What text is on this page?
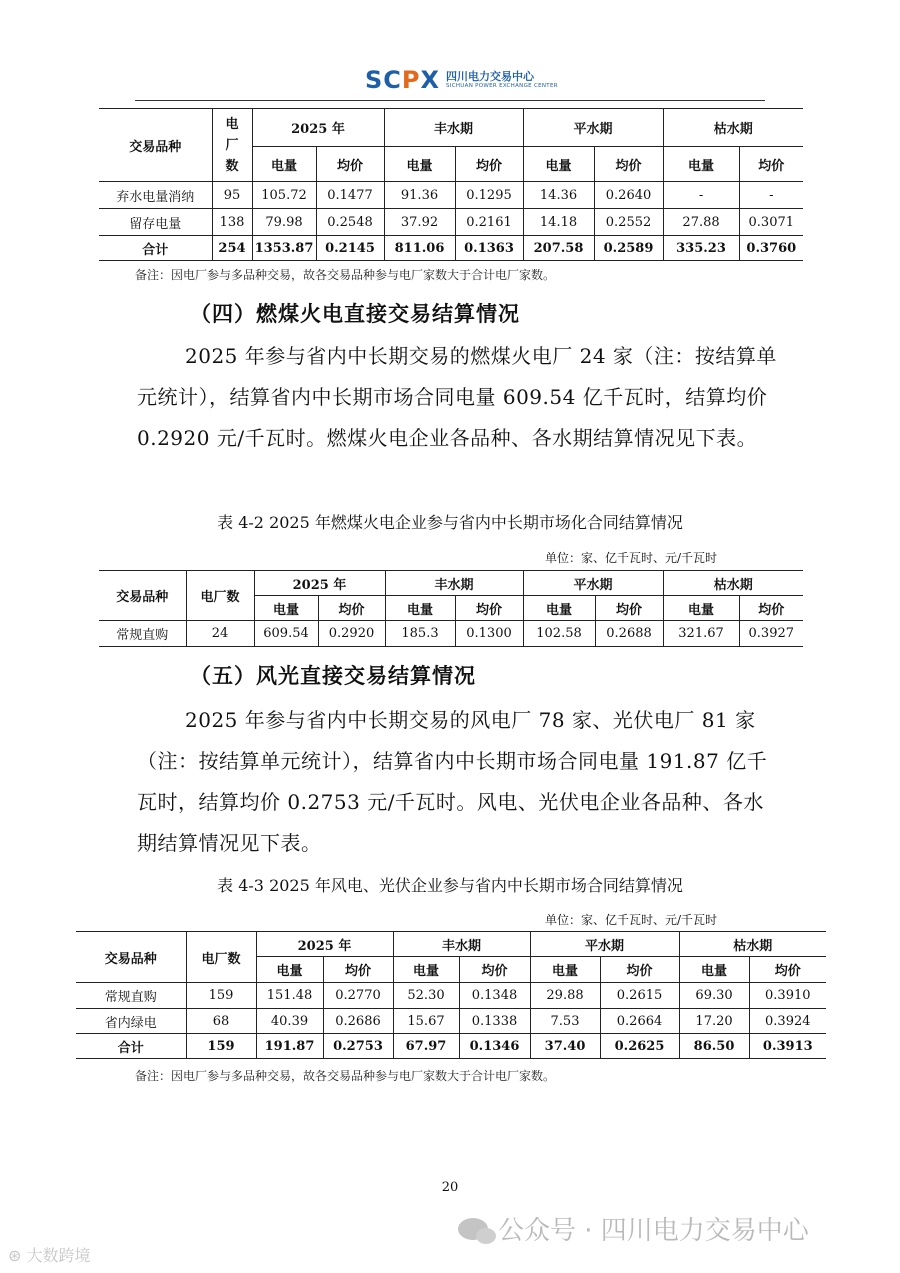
SCPX 四川电力交易中心
SICHUAN POWER EXCHANGE CENTER
交易品种	电厂数	2025 年		丰水期		平水期		枯水期	
		电量	均价	电量	均价	电量	均价	电量	均价
弃水电量消纳	95	105.72	0.1477	91.36	0.1295	14.36	0.2640	-	-
留存电量	138	79.98	0.2548	37.92	0.2161	14.18	0.2552	27.88	0.3071
合计	254	1353.87	0.2145	811.06	0.1363	207.58	0.2589	335.23	0.3760
备注：因电厂参与多品种交易，故各交易品种参与电厂家数大于合计电厂家数。
（四）燃煤火电直接交易结算情况
2025 年参与省内中长期交易的燃煤火电厂 24 家（注：按结算单元统计），结算省内中长期市场合同电量 609.54 亿千瓦时，结算均价 0.2920 元/千瓦时。燃煤火电企业各品种、各水期结算情况见下表。
表 4-2 2025 年燃煤火电企业参与省内中长期市场化合同结算情况
单位：家、亿千瓦时、元/千瓦时
交易品种	电厂数	2025 年		丰水期		平水期		枯水期	
		电量	均价	电量	均价	电量	均价	电量	均价
常规直购	24	609.54	0.2920	185.3	0.1300	102.58	0.2688	321.67	0.3927
（五）风光直接交易结算情况
2025 年参与省内中长期交易的风电厂 78 家、光伏电厂 81 家（注：按结算单元统计），结算省内中长期市场合同电量 191.87 亿千瓦时，结算均价 0.2753 元/千瓦时。风电、光伏电企业各品种、各水期结算情况见下表。
表 4-3 2025 年风电、光伏企业参与省内中长期市场合同结算情况
单位：家、亿千瓦时、元/千瓦时
交易品种	电厂数	2025 年		丰水期		平水期		枯水期	
		电量	均价	电量	均价	电量	均价	电量	均价
常规直购	159	151.48	0.2770	52.30	0.1348	29.88	0.2615	69.30	0.3910
省内绿电	68	40.39	0.2686	15.67	0.1338	7.53	0.2664	17.20	0.3924
合计	159	191.87	0.2753	67.97	0.1346	37.40	0.2625	86.50	0.3913
备注：因电厂参与多品种交易，故各交易品种参与电厂家数大于合计电厂家数。
20
公众号 · 四川电力交易中心
⊛ 大数跨境
